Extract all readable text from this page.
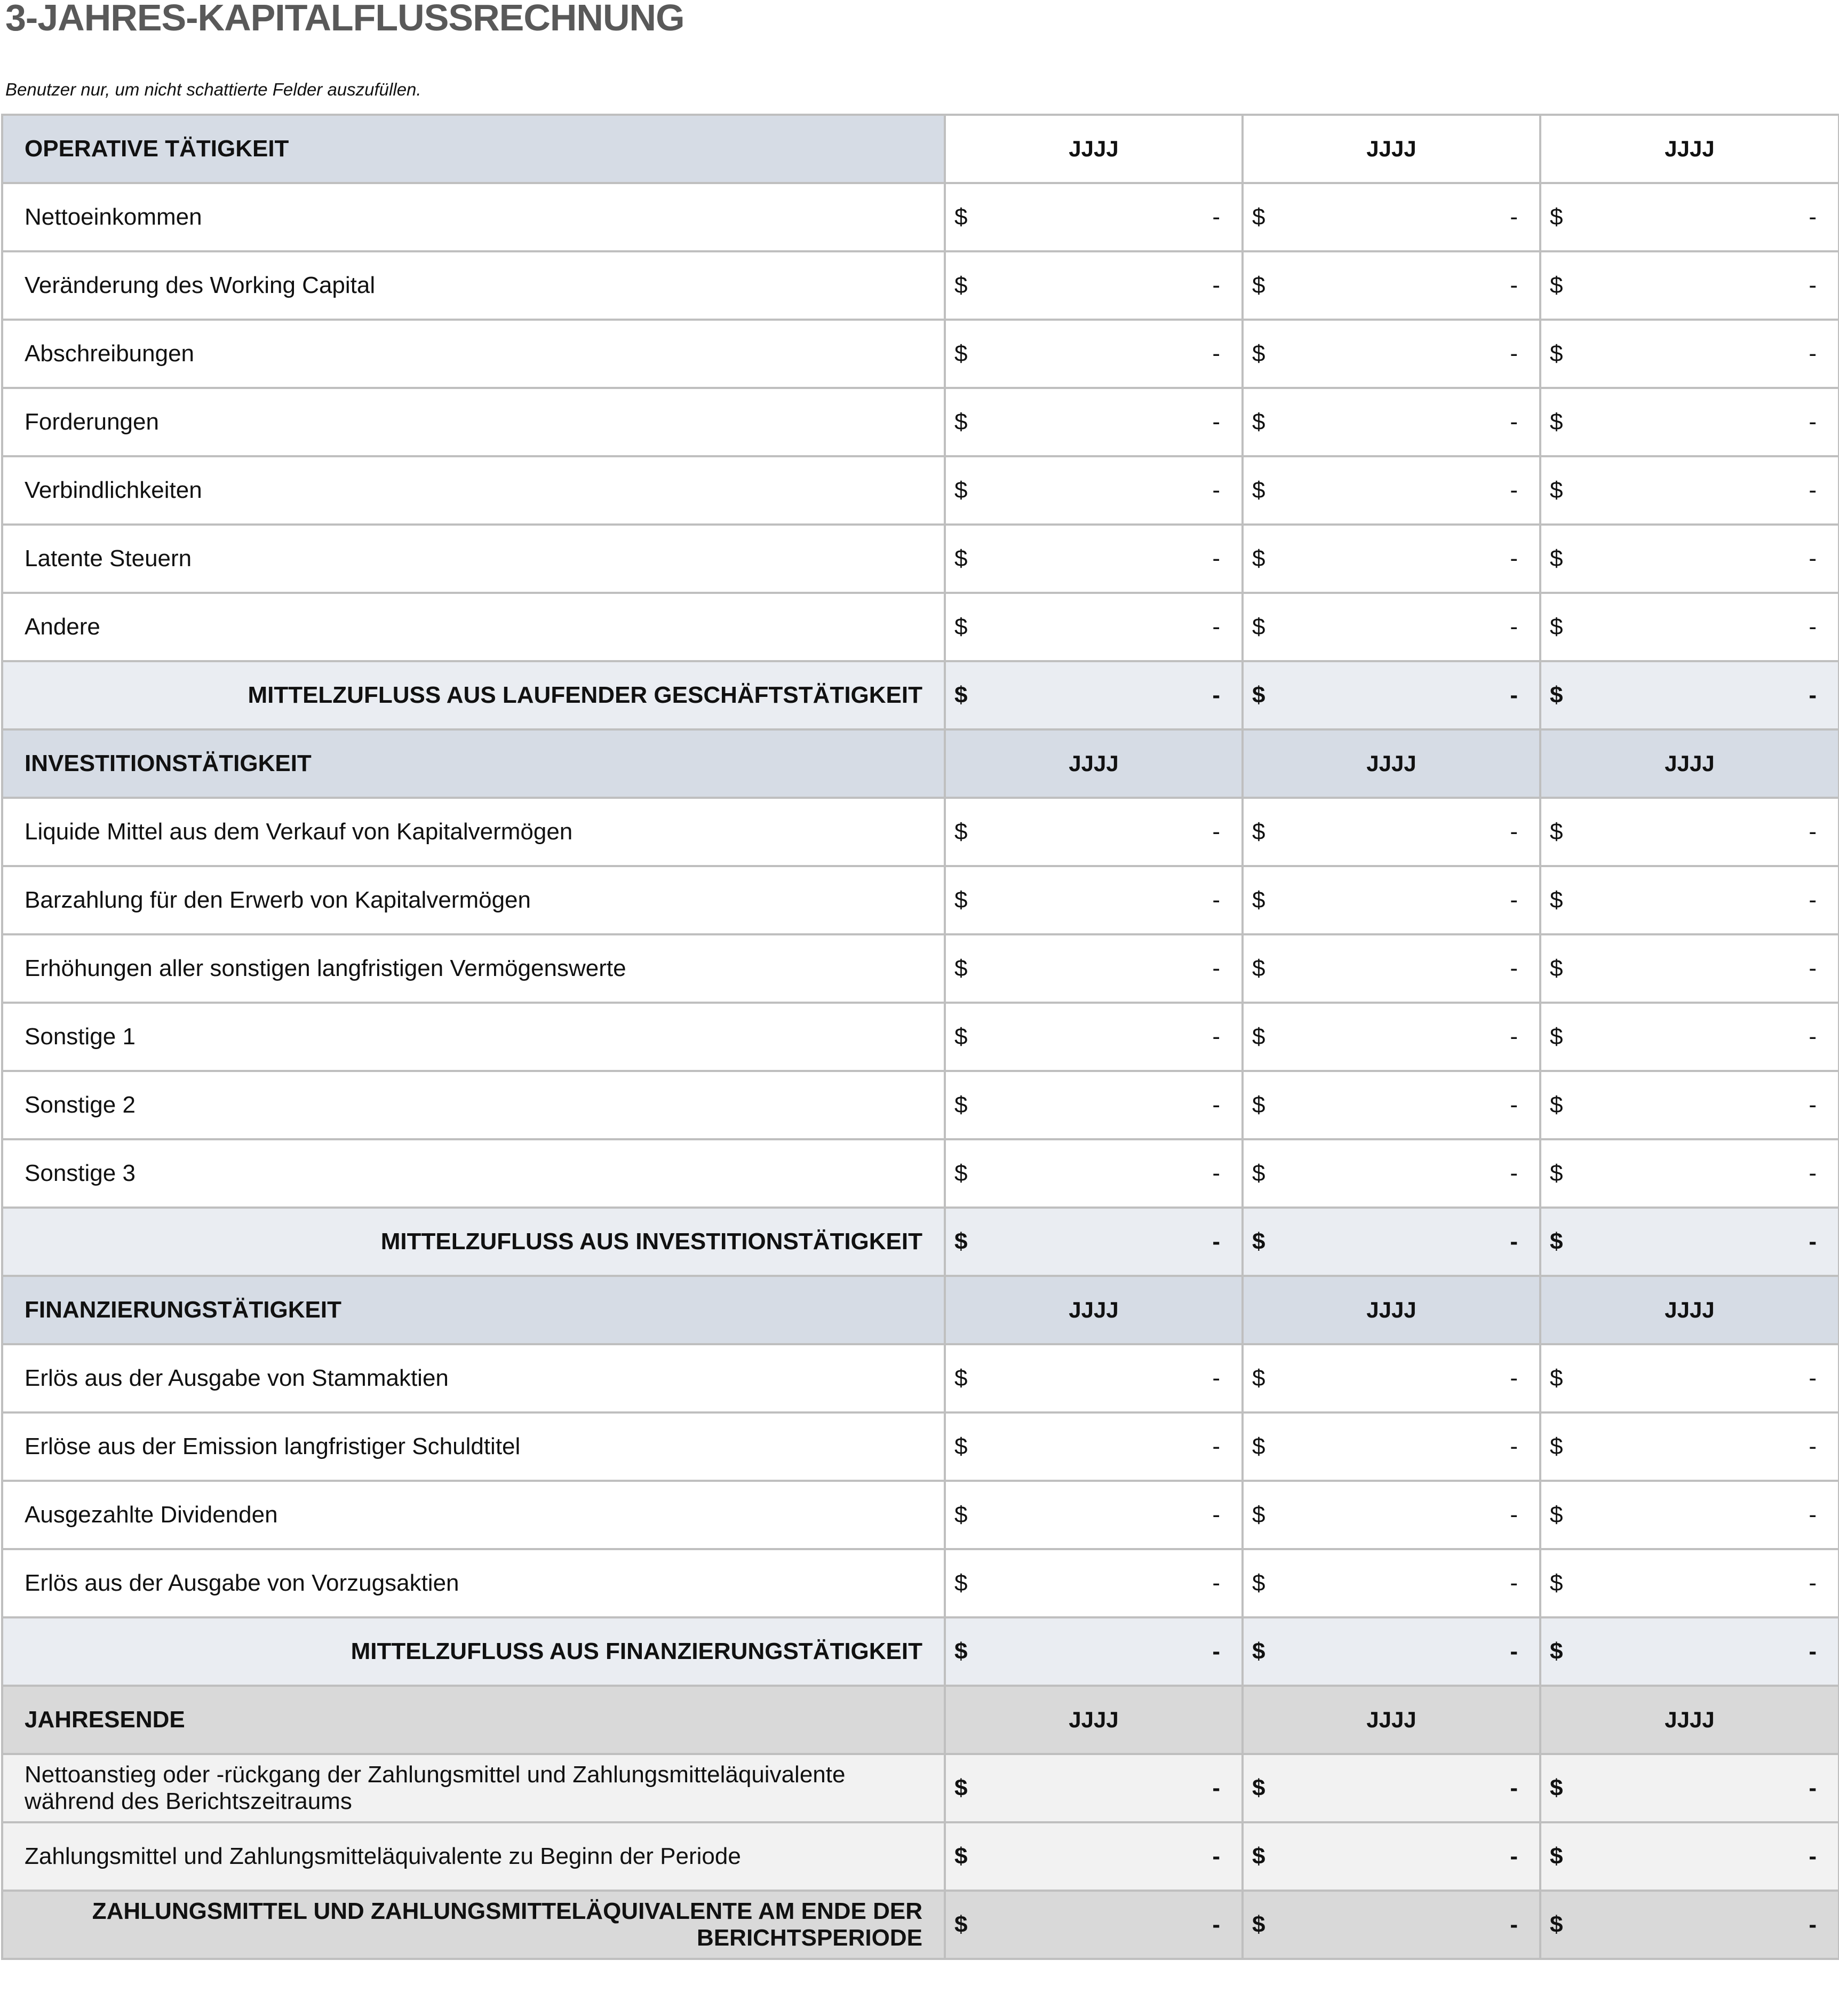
3-JAHRES-KAPITALFLUSSRECHNUNG
Benutzer nur, um nicht schattierte Felder auszufüllen.
OPERATIVE TÄTIGKEIT	JJJJ	JJJJ	JJJJ
Nettoeinkommen	$ -	$ -	$ -

Veränderung des Working Capital	$ -	$ -	$ -

Abschreibungen	$ -	$ -	$ -

Forderungen	$ -	$ -	$ -

Verbindlichkeiten	$ -	$ -	$ -

Latente Steuern	$ -	$ -	$ -

Andere	$ -	$ -	$ -

MITTELZUFLUSS AUS LAUFENDER GESCHÄFTSTÄTIGKEIT	$ -	$ -	$ -

INVESTITIONSTÄTIGKEIT	JJJJ	JJJJ	JJJJ
Liquide Mittel aus dem Verkauf von Kapitalvermögen	$ -	$ -	$ -

Barzahlung für den Erwerb von Kapitalvermögen	$ -	$ -	$ -

Erhöhungen aller sonstigen langfristigen Vermögenswerte	$ -	$ -	$ -

Sonstige 1	$ -	$ -	$ -

Sonstige 2	$ -	$ -	$ -

Sonstige 3	$ -	$ -	$ -

MITTELZUFLUSS AUS INVESTITIONSTÄTIGKEIT	$ -	$ -	$ -

FINANZIERUNGSTÄTIGKEIT	JJJJ	JJJJ	JJJJ
Erlös aus der Ausgabe von Stammaktien	$ -	$ -	$ -

Erlöse aus der Emission langfristiger Schuldtitel	$ -	$ -	$ -

Ausgezahlte Dividenden	$ -	$ -	$ -

Erlös aus der Ausgabe von Vorzugsaktien	$ -	$ -	$ -

MITTELZUFLUSS AUS FINANZIERUNGSTÄTIGKEIT	$ -	$ -	$ -

JAHRESENDE	JJJJ	JJJJ	JJJJ
Nettoanstieg oder -rückgang der Zahlungsmittel und Zahlungsmitteläquivalente während des Berichtszeitraums	$ -	$ -	$ -

Zahlungsmittel und Zahlungsmitteläquivalente zu Beginn der Periode	$ -	$ -	$ -

ZAHLUNGSMITTEL UND ZAHLUNGSMITTELÄQUIVALENTE AM ENDE DER BERICHTSPERIODE	$ -	$ -	$ -
